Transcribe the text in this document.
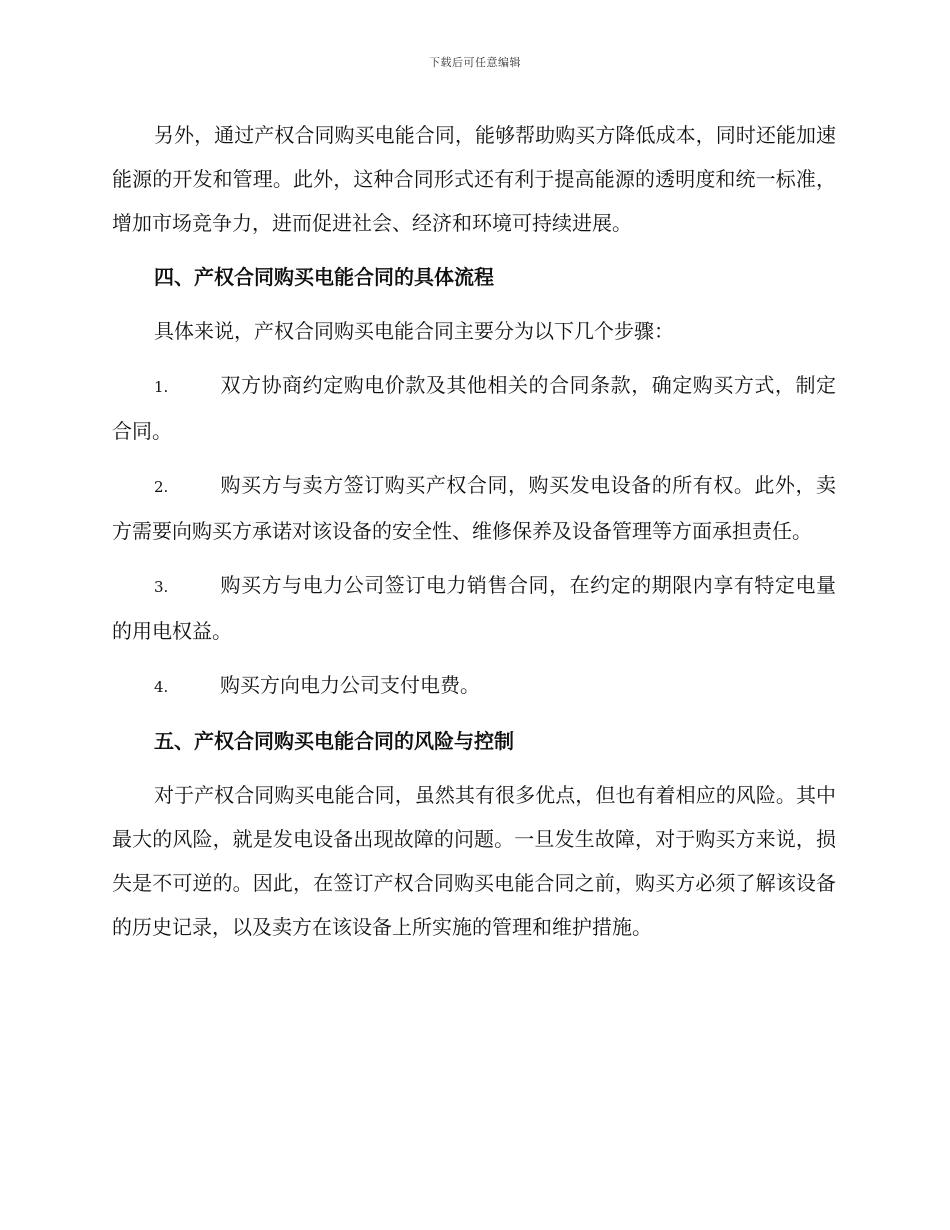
下载后可任意编辑

另外，通过产权合同购买电能合同，能够帮助购买方降低成本，同时还能加速能源的开发和管理。此外，这种合同形式还有利于提高能源的透明度和统一标准，增加市场竞争力，进而促进社会、经济和环境可持续进展。

四、产权合同购买电能合同的具体流程

具体来说，产权合同购买电能合同主要分为以下几个步骤：

1.	双方协商约定购电价款及其他相关的合同条款，确定购买方式，制定合同。

2.	购买方与卖方签订购买产权合同，购买发电设备的所有权。此外，卖方需要向购买方承诺对该设备的安全性、维修保养及设备管理等方面承担责任。

3.	购买方与电力公司签订电力销售合同，在约定的期限内享有特定电量的用电权益。

4.	购买方向电力公司支付电费。

五、产权合同购买电能合同的风险与控制

对于产权合同购买电能合同，虽然其有很多优点，但也有着相应的风险。其中最大的风险，就是发电设备出现故障的问题。一旦发生故障，对于购买方来说，损失是不可逆的。因此，在签订产权合同购买电能合同之前，购买方必须了解该设备的历史记录，以及卖方在该设备上所实施的管理和维护措施。
